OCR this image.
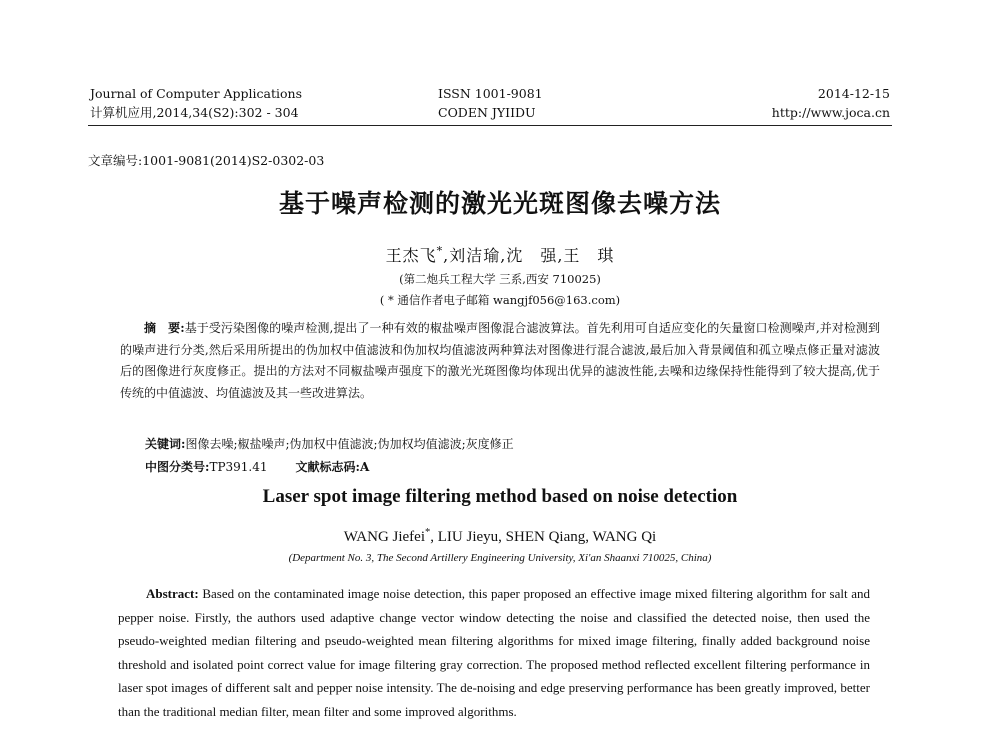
Journal of Computer Applications
计算机应用,2014,34(S2):302 - 304
ISSN 1001-9081
CODEN JYIIDU
2014-12-15
http://www.joca.cn
文章编号:1001-9081(2014)S2-0302-03
基于噪声检测的激光光斑图像去噪方法
王杰飞*,刘洁瑜,沈　强,王　琪
(第二炮兵工程大学 三系,西安 710025)
( * 通信作者电子邮箱 wangjf056@163.com)
摘　要:基于受污染图像的噪声检测,提出了一种有效的椒盐噪声图像混合滤波算法。首先利用可自适应变化的矢量窗口检测噪声,并对检测到的噪声进行分类,然后采用所提出的伪加权中值滤波和伪加权均值滤波两种算法对图像进行混合滤波,最后加入背景阈值和孤立噪点修正量对滤波后的图像进行灰度修正。提出的方法对不同椒盐噪声强度下的激光光斑图像均体现出优异的滤波性能,去噪和边缘保持性能得到了较大提高,优于传统的中值滤波、均值滤波及其一些改进算法。
关键词:图像去噪;椒盐噪声;伪加权中值滤波;伪加权均值滤波;灰度修正
中图分类号:TP391.41 文献标志码:A
Laser spot image filtering method based on noise detection
WANG Jiefei*, LIU Jieyu, SHEN Qiang, WANG Qi
(Department No. 3, The Second Artillery Engineering University, Xi'an Shaanxi 710025, China)
Abstract: Based on the contaminated image noise detection, this paper proposed an effective image mixed filtering algorithm for salt and pepper noise. Firstly, the authors used adaptive change vector window detecting the noise and classified the detected noise, then used the pseudo-weighted median filtering and pseudo-weighted mean filtering algorithms for mixed image filtering, finally added background noise threshold and isolated point correct value for image filtering gray correction. The proposed method reflected excellent filtering performance in laser spot images of different salt and pepper noise intensity. The de-noising and edge preserving performance has been greatly improved, better than the traditional median filter, mean filter and some improved algorithms.
